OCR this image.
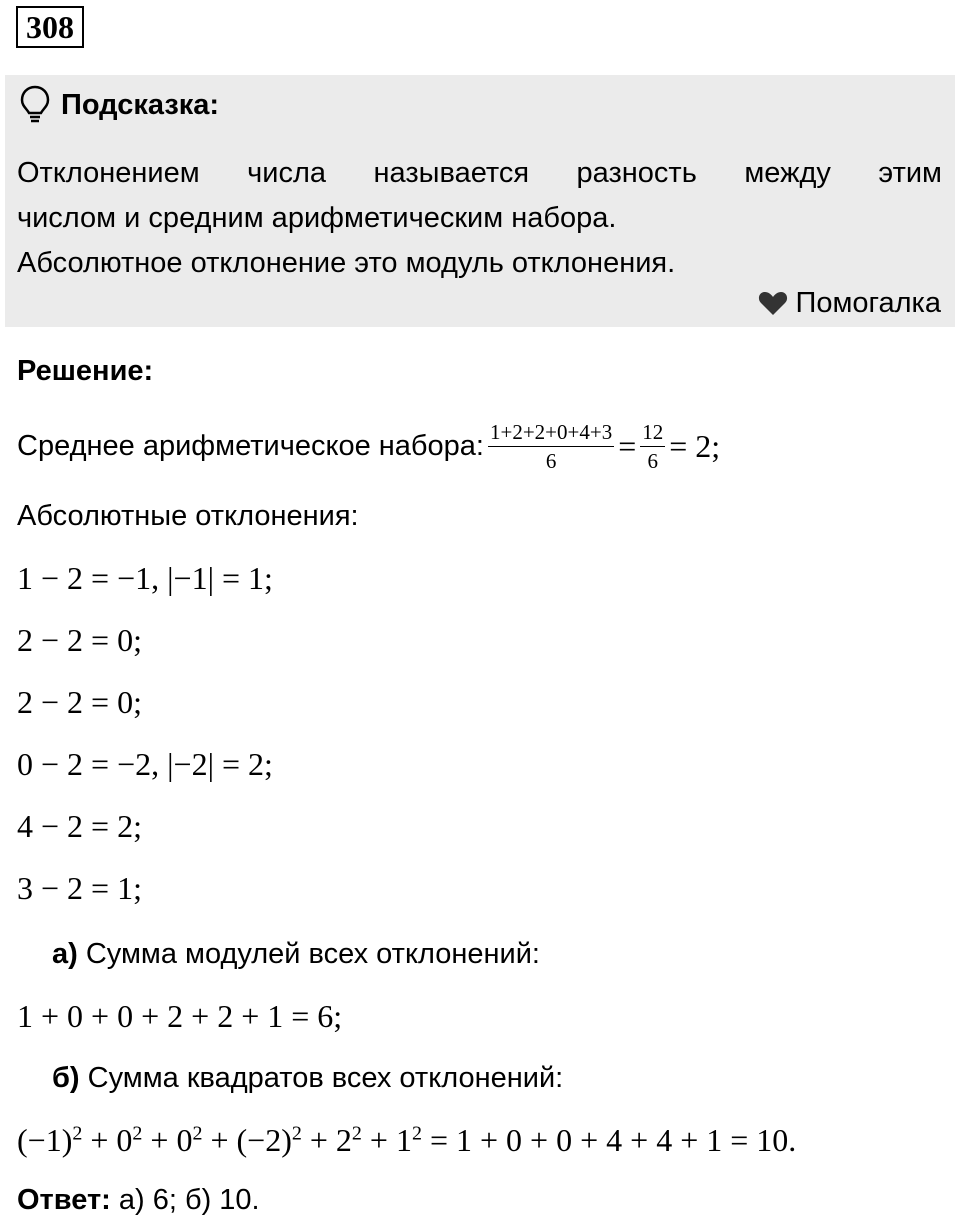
308
Подсказка:
Отклонением числа называется разность между этим
числом и средним арифметическим набора.
Абсолютное отклонение это модуль отклонения.
Помогалка
Решение:
Среднее арифметическое набора: $\frac{1+2+2+0+4+3}{6} = \frac{12}{6} = 2$;
Абсолютные отклонения:
1 − 2 = −1, |−1| = 1;
2 − 2 = 0;
2 − 2 = 0;
0 − 2 = −2, |−2| = 2;
4 − 2 = 2;
3 − 2 = 1;
а) Сумма модулей всех отклонений:
1 + 0 + 0 + 2 + 2 + 1 = 6;
б) Сумма квадратов всех отклонений:
$(-1)^2 + 0^2 + 0^2 + (-2)^2 + 2^2 + 1^2 = 1 + 0 + 0 + 4 + 4 + 1 = 10$.
Ответ: а) 6; б) 10.
